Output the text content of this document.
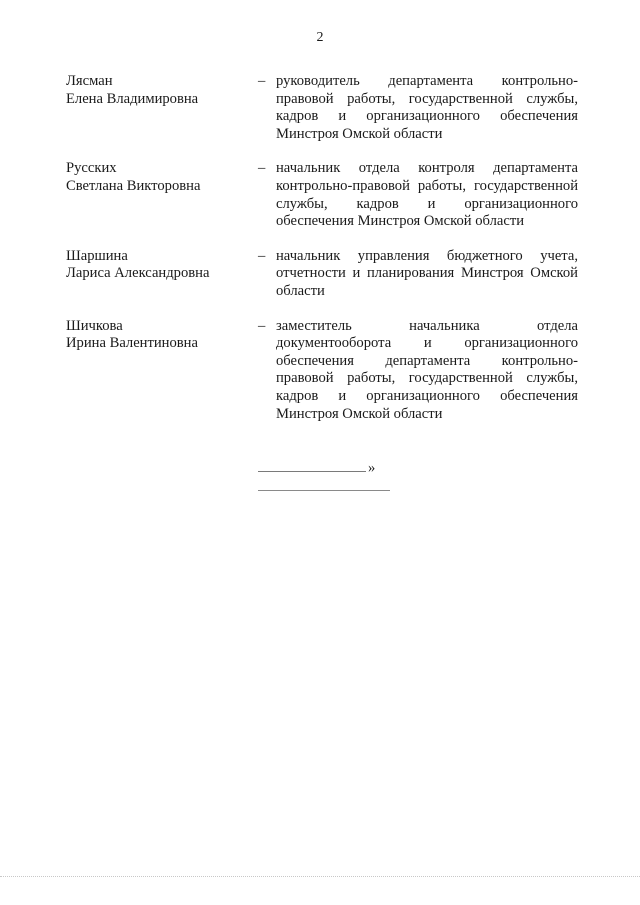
2
Лясман
Елена Владимировна
– руководитель департамента контрольно-правовой работы, государственной службы, кадров и организационного обеспечения Минстроя Омской области
Русских
Светлана Викторовна
– начальник отдела контроля департамента контрольно-правовой работы, государственной службы, кадров и организационного обеспечения Минстроя Омской области
Шаршина
Лариса Александровна
– начальник управления бюджетного учета, отчетности и планирования Минстроя Омской области
Шичкова
Ирина Валентиновна
– заместитель начальника отдела документооборота и организационного обеспечения департамента контрольно-правовой работы, государственной службы, кадров и организационного обеспечения Минстроя Омской области
»
